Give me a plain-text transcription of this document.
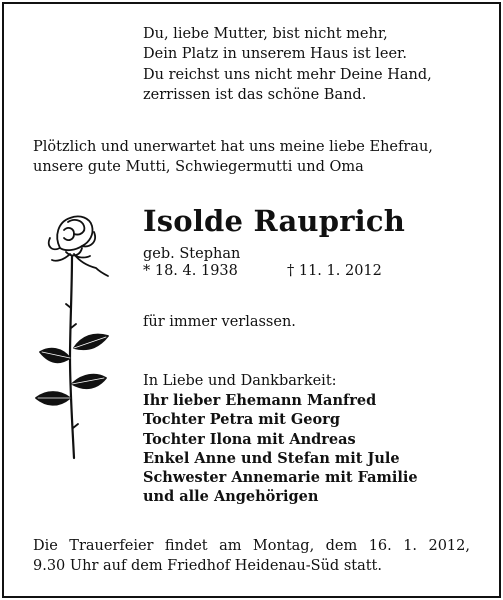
Du, liebe Mutter, bist nicht mehr,
Dein Platz in unserem Haus ist leer.
Du reichst uns nicht mehr Deine Hand,
zerrissen ist das schöne Band.
Plötzlich und unerwartet hat uns meine liebe Ehefrau,
unsere gute Mutti, Schwiegermutti und Oma
Isolde Rauprich
geb. Stephan
* 18. 4. 1938	† 11. 1. 2012
für immer verlassen.
In Liebe und Dankbarkeit:
Ihr lieber Ehemann Manfred
Tochter Petra mit Georg
Tochter Ilona mit Andreas
Enkel Anne und Stefan mit Jule
Schwester Annemarie mit Familie
und alle Angehörigen
Die Trauerfeier findet am Montag, dem 16. 1. 2012,
9.30 Uhr auf dem Friedhof Heidenau-Süd statt.
